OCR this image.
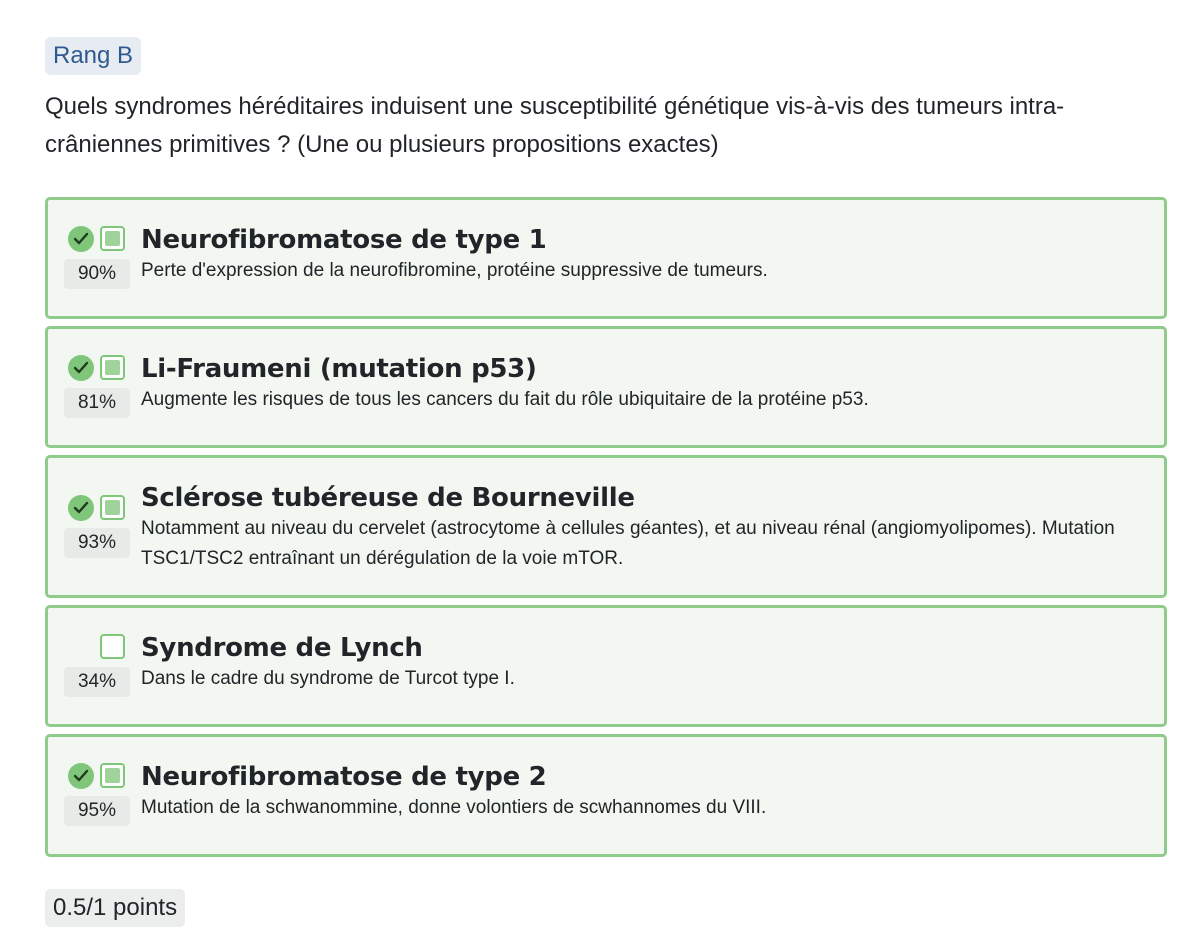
Rang B
Quels syndromes héréditaires induisent une susceptibilité génétique vis-à-vis des tumeurs intra-crâniennes primitives ? (Une ou plusieurs propositions exactes)
90%
Neurofibromatose de type 1
Perte d'expression de la neurofibromine, protéine suppressive de tumeurs.
81%
Li-Fraumeni (mutation p53)
Augmente les risques de tous les cancers du fait du rôle ubiquitaire de la protéine p53.
93%
Sclérose tubéreuse de Bourneville
Notamment au niveau du cervelet (astrocytome à cellules géantes), et au niveau rénal (angiomyolipomes). Mutation TSC1/TSC2 entraînant un dérégulation de la voie mTOR.
34%
Syndrome de Lynch
Dans le cadre du syndrome de Turcot type I.
95%
Neurofibromatose de type 2
Mutation de la schwanommine, donne volontiers de scwhannomes du VIII.
0.5/1 points
